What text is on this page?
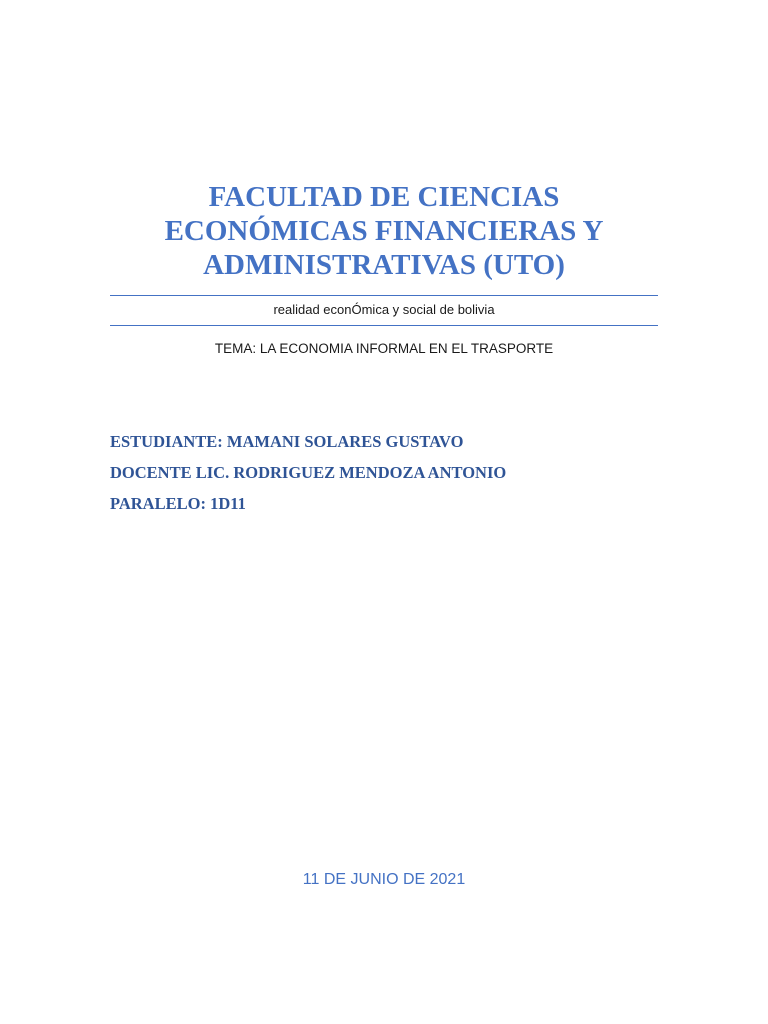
FACULTAD DE CIENCIAS
ECONÓMICAS FINANCIERAS Y
ADMINISTRATIVAS (UTO)
realidad econÓmica y social de bolivia
TEMA: LA ECONOMIA INFORMAL EN EL TRASPORTE
ESTUDIANTE: MAMANI SOLARES GUSTAVO
DOCENTE LIC. RODRIGUEZ MENDOZA ANTONIO
PARALELO: 1D11
11 DE JUNIO DE 2021
